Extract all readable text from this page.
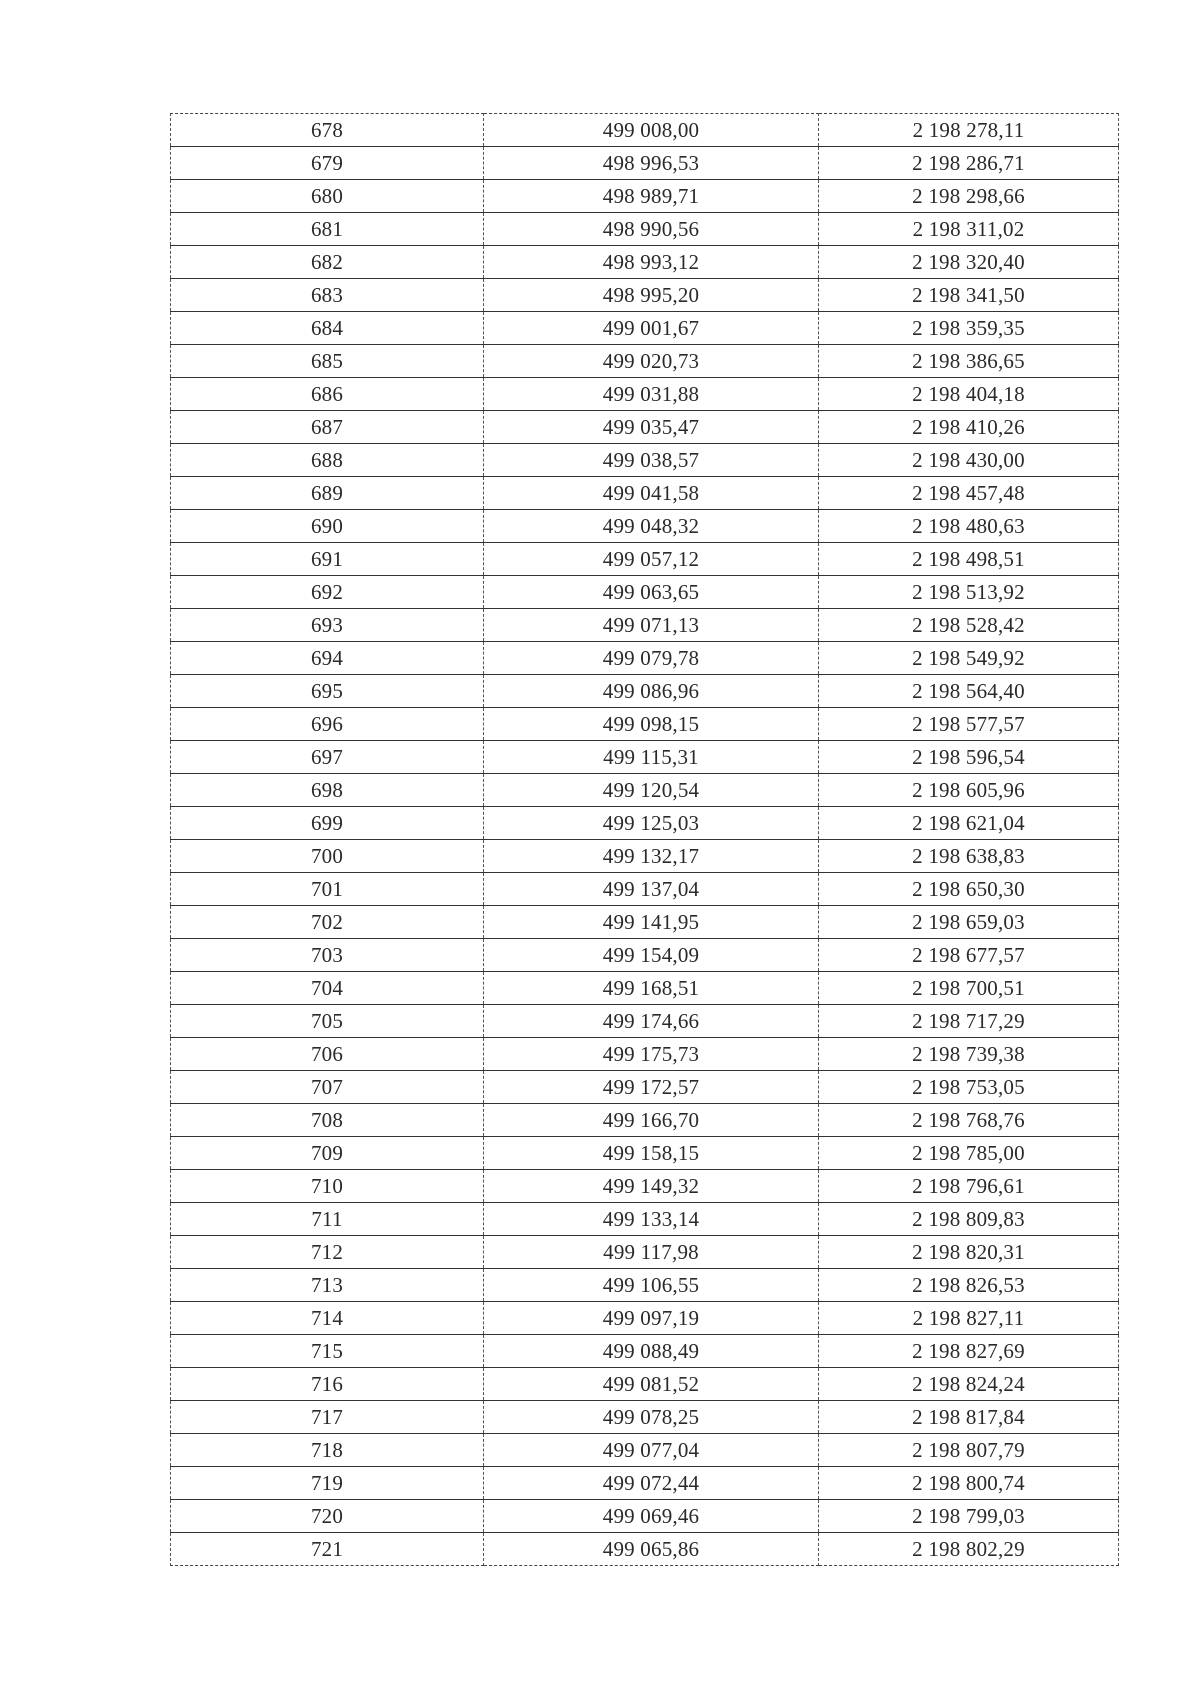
678	499 008,00	2 198 278,11
679	498 996,53	2 198 286,71
680	498 989,71	2 198 298,66
681	498 990,56	2 198 311,02
682	498 993,12	2 198 320,40
683	498 995,20	2 198 341,50
684	499 001,67	2 198 359,35
685	499 020,73	2 198 386,65
686	499 031,88	2 198 404,18
687	499 035,47	2 198 410,26
688	499 038,57	2 198 430,00
689	499 041,58	2 198 457,48
690	499 048,32	2 198 480,63
691	499 057,12	2 198 498,51
692	499 063,65	2 198 513,92
693	499 071,13	2 198 528,42
694	499 079,78	2 198 549,92
695	499 086,96	2 198 564,40
696	499 098,15	2 198 577,57
697	499 115,31	2 198 596,54
698	499 120,54	2 198 605,96
699	499 125,03	2 198 621,04
700	499 132,17	2 198 638,83
701	499 137,04	2 198 650,30
702	499 141,95	2 198 659,03
703	499 154,09	2 198 677,57
704	499 168,51	2 198 700,51
705	499 174,66	2 198 717,29
706	499 175,73	2 198 739,38
707	499 172,57	2 198 753,05
708	499 166,70	2 198 768,76
709	499 158,15	2 198 785,00
710	499 149,32	2 198 796,61
711	499 133,14	2 198 809,83
712	499 117,98	2 198 820,31
713	499 106,55	2 198 826,53
714	499 097,19	2 198 827,11
715	499 088,49	2 198 827,69
716	499 081,52	2 198 824,24
717	499 078,25	2 198 817,84
718	499 077,04	2 198 807,79
719	499 072,44	2 198 800,74
720	499 069,46	2 198 799,03
721	499 065,86	2 198 802,29
